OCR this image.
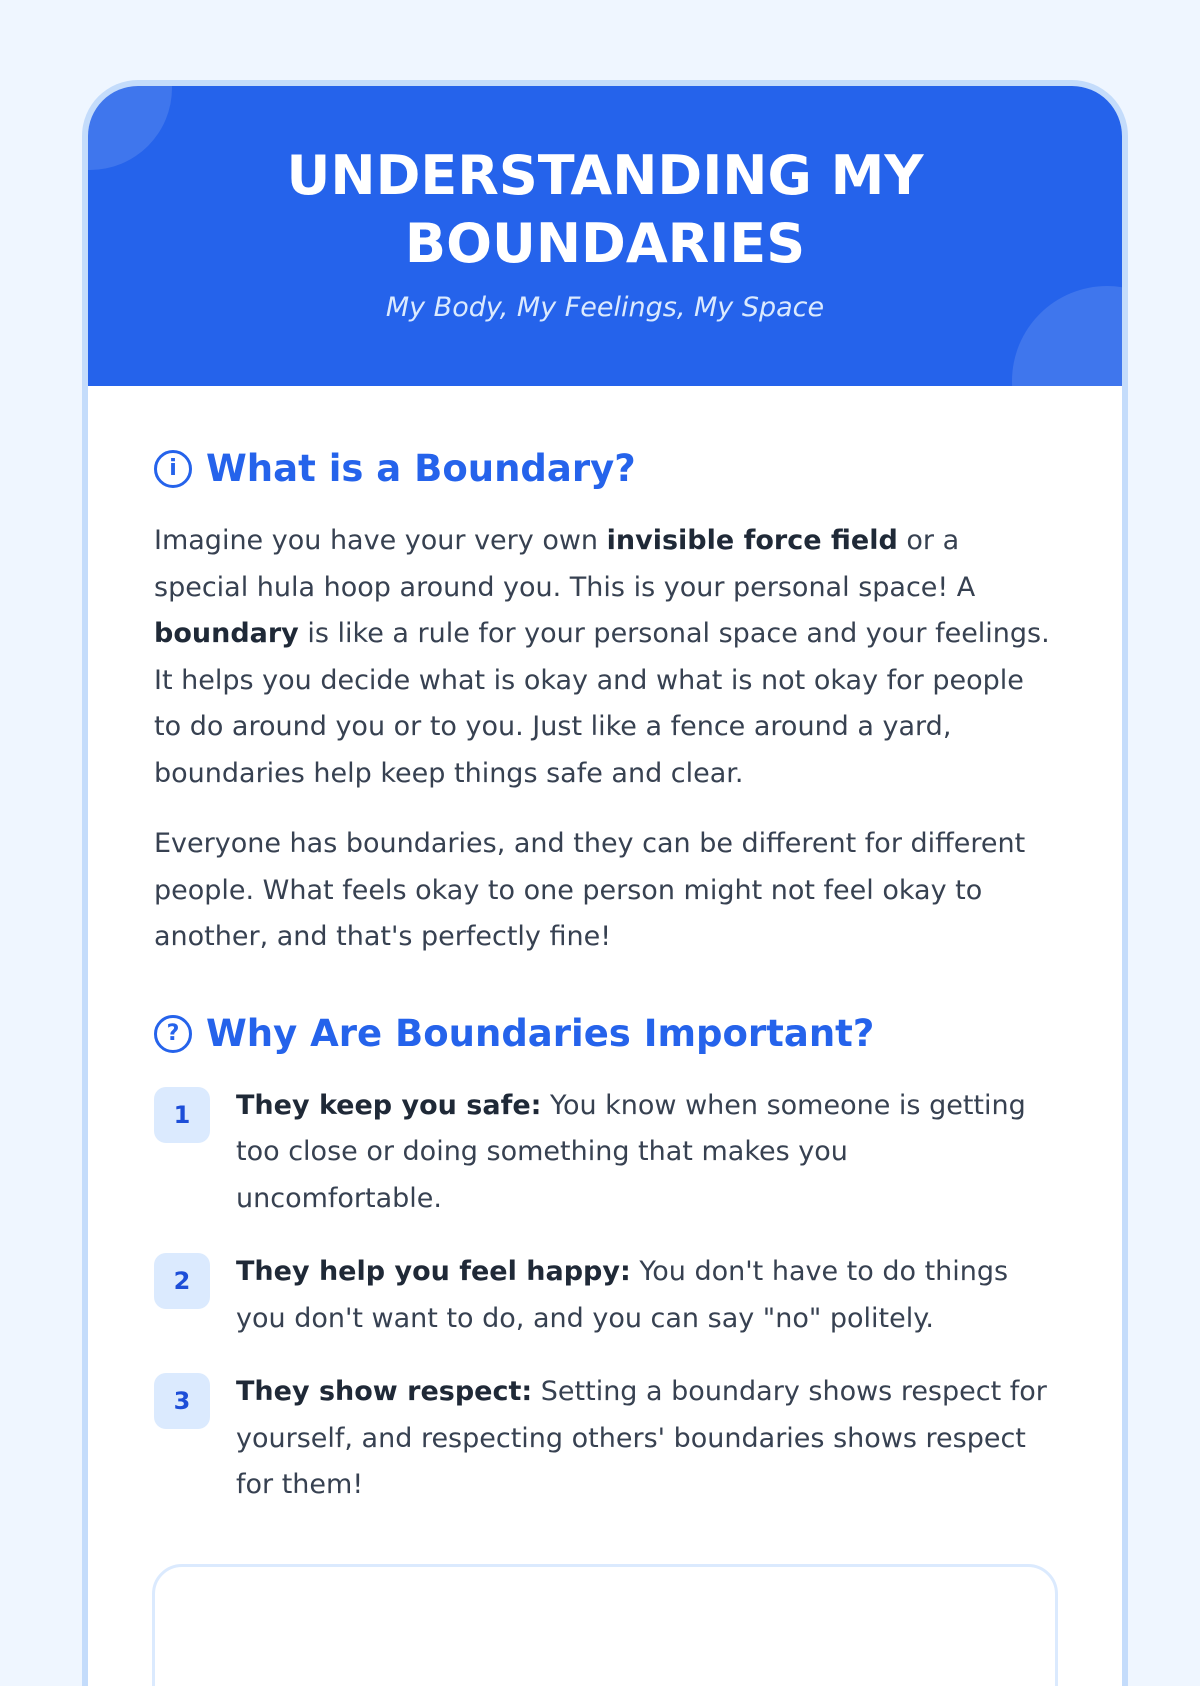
UNDERSTANDING MY
BOUNDARIES

My Body, My Feelings, My Space

i What is a Boundary?

Imagine you have your very own invisible force field or a special hula hoop around you. This is your personal space! A boundary is like a rule for your personal space and your feelings. It helps you decide what is okay and what is not okay for people to do around you or to you. Just like a fence around a yard, boundaries help keep things safe and clear.

Everyone has boundaries, and they can be different for different people. What feels okay to one person might not feel okay to another, and that's perfectly fine!

? Why Are Boundaries Important?
1	They keep you safe: You know when someone is getting too close or doing something that makes you uncomfortable.
2	They help you feel happy: You don't have to do things you don't want to do, and you can say "no" politely.
3	They show respect: Setting a boundary shows respect for yourself, and respecting others' boundaries shows respect for them!
